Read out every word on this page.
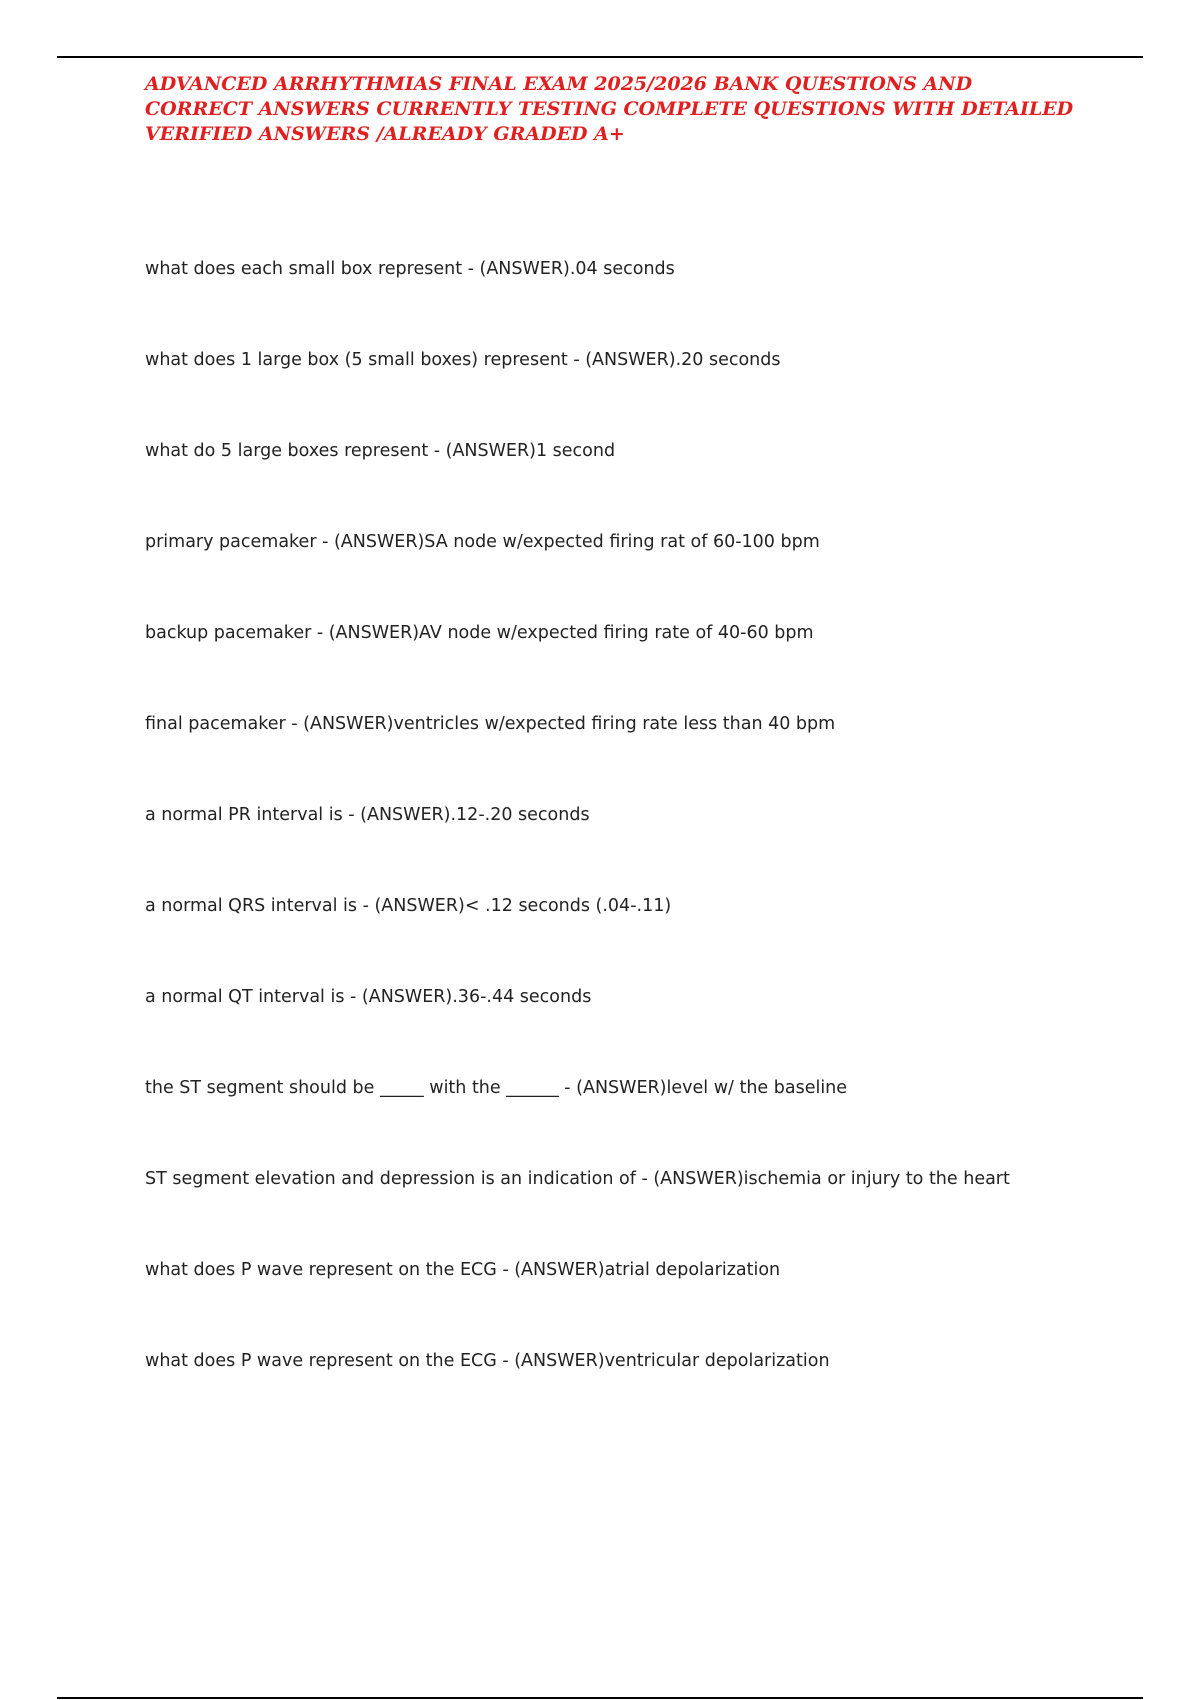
ADVANCED ARRHYTHMIAS FINAL EXAM 2025/2026 BANK QUESTIONS AND CORRECT ANSWERS CURRENTLY TESTING COMPLETE QUESTIONS WITH DETAILED VERIFIED ANSWERS /ALREADY GRADED A+
what does each small box represent - (ANSWER).04 seconds
what does 1 large box (5 small boxes) represent - (ANSWER).20 seconds
what do 5 large boxes represent - (ANSWER)1 second
primary pacemaker - (ANSWER)SA node w/expected firing rat of 60-100 bpm
backup pacemaker - (ANSWER)AV node w/expected firing rate of 40-60 bpm
final pacemaker - (ANSWER)ventricles w/expected firing rate less than 40 bpm
a normal PR interval is - (ANSWER).12-.20 seconds
a normal QRS interval is - (ANSWER)< .12 seconds (.04-.11)
a normal QT interval is - (ANSWER).36-.44 seconds
the ST segment should be _____ with the ______ - (ANSWER)level w/ the baseline
ST segment elevation and depression is an indication of - (ANSWER)ischemia or injury to the heart
what does P wave represent on the ECG - (ANSWER)atrial depolarization
what does P wave represent on the ECG - (ANSWER)ventricular depolarization
